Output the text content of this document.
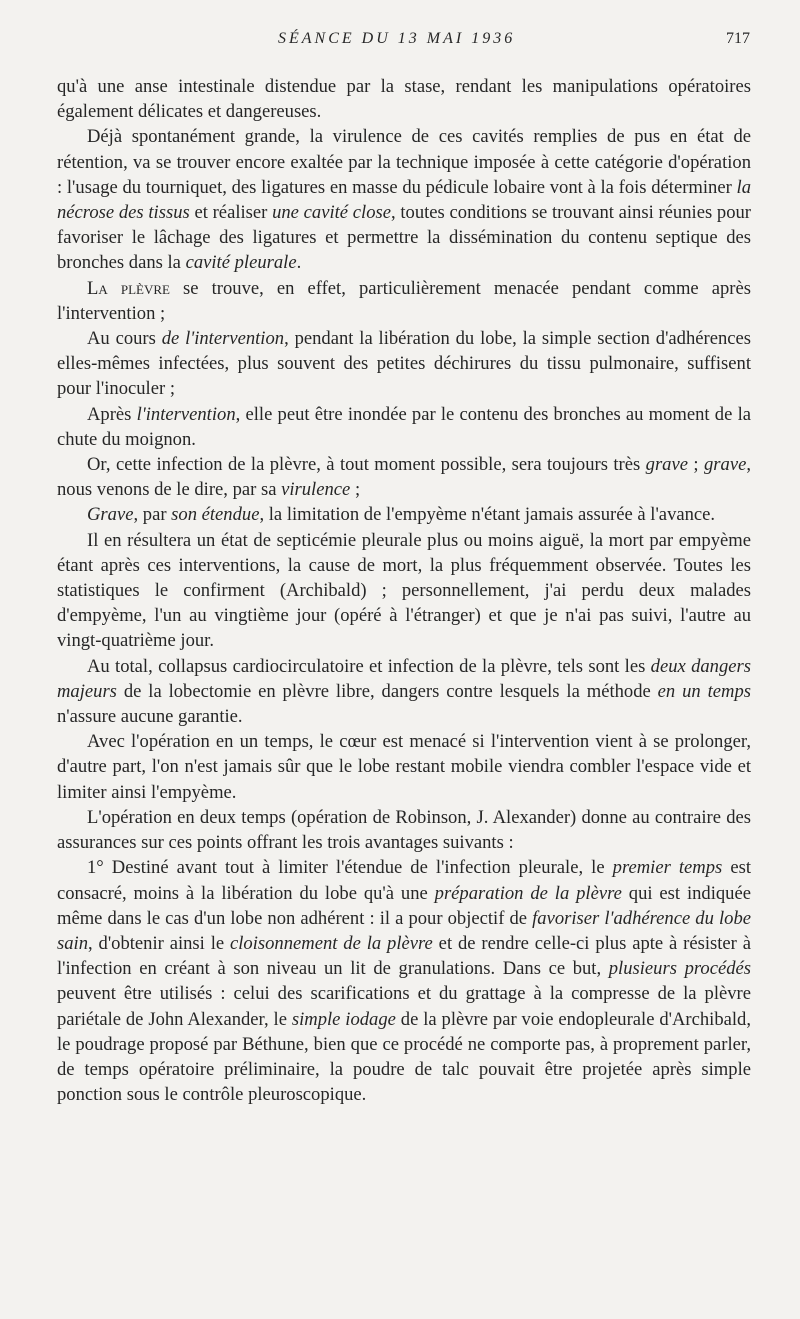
SÉANCE DU 13 MAI 1936	717

qu'à une anse intestinale distendue par la stase, rendant les manipulations opératoires également délicates et dangereuses.

Déjà spontanément grande, la virulence de ces cavités remplies de pus en état de rétention, va se trouver encore exaltée par la technique imposée à cette catégorie d'opération : l'usage du tourniquet, des ligatures en masse du pédicule lobaire vont à la fois déterminer la nécrose des tissus et réaliser une cavité close, toutes conditions se trouvant ainsi réunies pour favoriser le lâchage des ligatures et permettre la dissémination du contenu septique des bronches dans la cavité pleurale.

La plèvre se trouve, en effet, particulièrement menacée pendant comme après l'intervention ;

Au cours de l'intervention, pendant la libération du lobe, la simple section d'adhérences elles-mêmes infectées, plus souvent des petites déchirures du tissu pulmonaire, suffisent pour l'inoculer ;

Après l'intervention, elle peut être inondée par le contenu des bronches au moment de la chute du moignon.

Or, cette infection de la plèvre, à tout moment possible, sera toujours très grave ; grave, nous venons de le dire, par sa virulence ;

Grave, par son étendue, la limitation de l'empyème n'étant jamais assurée à l'avance.

Il en résultera un état de septicémie pleurale plus ou moins aiguë, la mort par empyème étant après ces interventions, la cause de mort, la plus fréquemment observée. Toutes les statistiques le confirment (Archibald) ; personnellement, j'ai perdu deux malades d'empyème, l'un au vingtième jour (opéré à l'étranger) et que je n'ai pas suivi, l'autre au vingt-quatrième jour.

Au total, collapsus cardiocirculatoire et infection de la plèvre, tels sont les deux dangers majeurs de la lobectomie en plèvre libre, dangers contre lesquels la méthode en un temps n'assure aucune garantie.

Avec l'opération en un temps, le cœur est menacé si l'intervention vient à se prolonger, d'autre part, l'on n'est jamais sûr que le lobe restant mobile viendra combler l'espace vide et limiter ainsi l'empyème.

L'opération en deux temps (opération de Robinson, J. Alexander) donne au contraire des assurances sur ces points offrant les trois avantages suivants :

1° Destiné avant tout à limiter l'étendue de l'infection pleurale, le premier temps est consacré, moins à la libération du lobe qu'à une préparation de la plèvre qui est indiquée même dans le cas d'un lobe non adhérent : il a pour objectif de favoriser l'adhérence du lobe sain, d'obtenir ainsi le cloisonnement de la plèvre et de rendre celle-ci plus apte à résister à l'infection en créant à son niveau un lit de granulations. Dans ce but, plusieurs procédés peuvent être utilisés : celui des scarifications et du grattage à la compresse de la plèvre pariétale de John Alexander, le simple iodage de la plèvre par voie endopleurale d'Archibald, le poudrage proposé par Béthune, bien que ce procédé ne comporte pas, à proprement parler, de temps opératoire préliminaire, la poudre de talc pouvait être projetée après simple ponction sous le contrôle pleuroscopique.
